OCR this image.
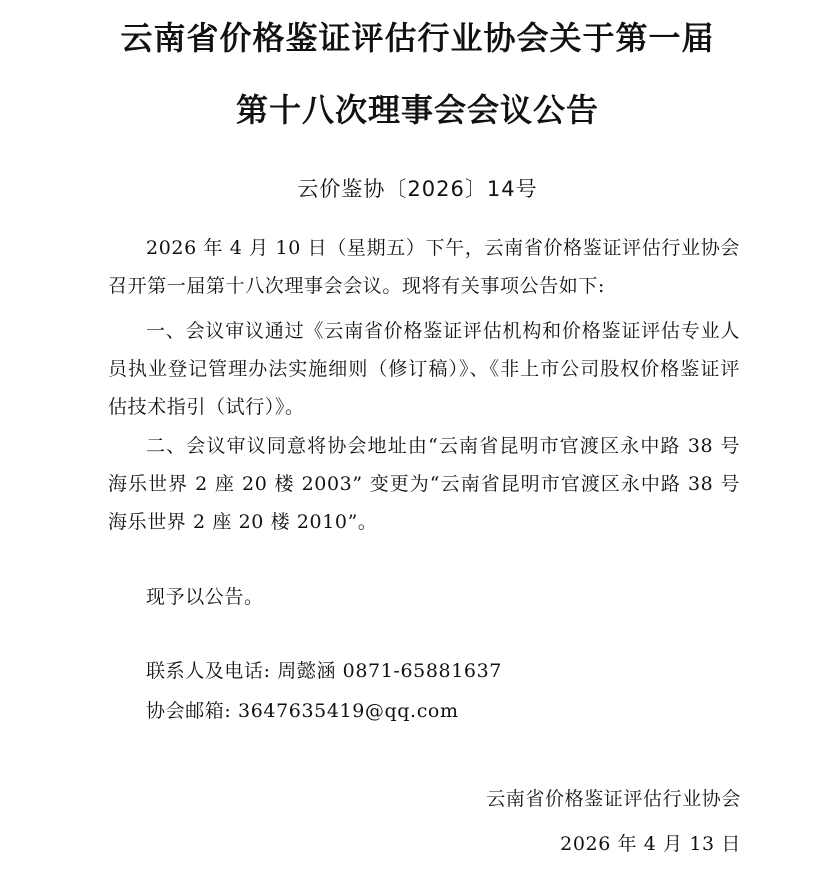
云南省价格鉴证评估行业协会关于第一届
第十八次理事会会议公告
云价鉴协〔2026〕14号

2026 年 4 月 10 日（星期五）下午，云南省价格鉴证评估行业协会召开第一届第十八次理事会会议。现将有关事项公告如下:

一、会议审议通过《云南省价格鉴证评估机构和价格鉴证评估专业人员执业登记管理办法实施细则（修订稿）》、《非上市公司股权价格鉴证评估技术指引（试行）》。

二、会议审议同意将协会地址由“云南省昆明市官渡区永中路 38 号海乐世界 2 座 20 楼 2003” 变更为“云南省昆明市官渡区永中路 38 号海乐世界 2 座 20 楼 2010”。

现予以公告。
联系人及电话: 周懿涵 0871-65881637
协会邮箱: 3647635419@qq.com
云南省价格鉴证评估行业协会
2026 年 4 月 13 日
